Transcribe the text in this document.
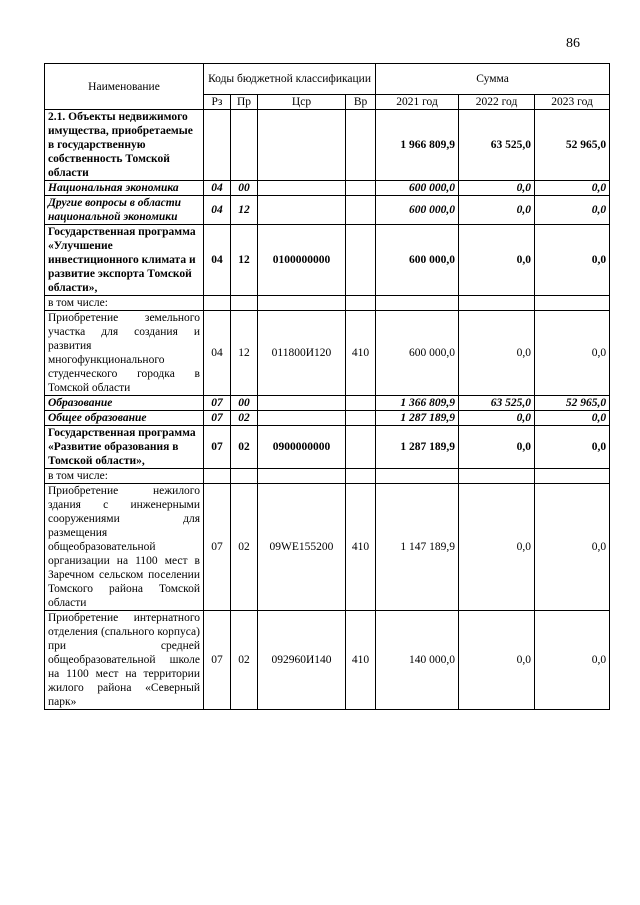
86
Наименование	Коды бюджетной классификации				Сумма		
	Рз	Пр	Цср	Вр	2021 год	2022 год	2023 год
2.1. Объекты недвижимого имущества, приобретаемые в государственную собственность Томской области					1 966 809,9	63 525,0	52 965,0
Национальная экономика	04	00			600 000,0	0,0	0,0
Другие вопросы в области национальной экономики	04	12			600 000,0	0,0	0,0
Государственная программа «Улучшение инвестиционного климата и развитие экспорта Томской области»,	04	12	0100000000		600 000,0	0,0	0,0
в том числе:							
Приобретение земельного участка для создания и развития многофункционального студенческого городка в Томской области	04	12	011800И120	410	600 000,0	0,0	0,0
Образование	07	00			1 366 809,9	63 525,0	52 965,0
Общее образование	07	02			1 287 189,9	0,0	0,0
Государственная программа «Развитие образования в Томской области»,	07	02	0900000000		1 287 189,9	0,0	0,0
в том числе:							
Приобретение нежилого здания с инженерными сооружениями для размещения общеобразовательной организации на 1100 мест в Заречном сельском поселении Томского района Томской области	07	02	09WE155200	410	1 147 189,9	0,0	0,0
Приобретение интернатного отделения (спального корпуса) при средней общеобразовательной школе на 1100 мест на территории жилого района «Северный парк»	07	02	092960И140	410	140 000,0	0,0	0,0
